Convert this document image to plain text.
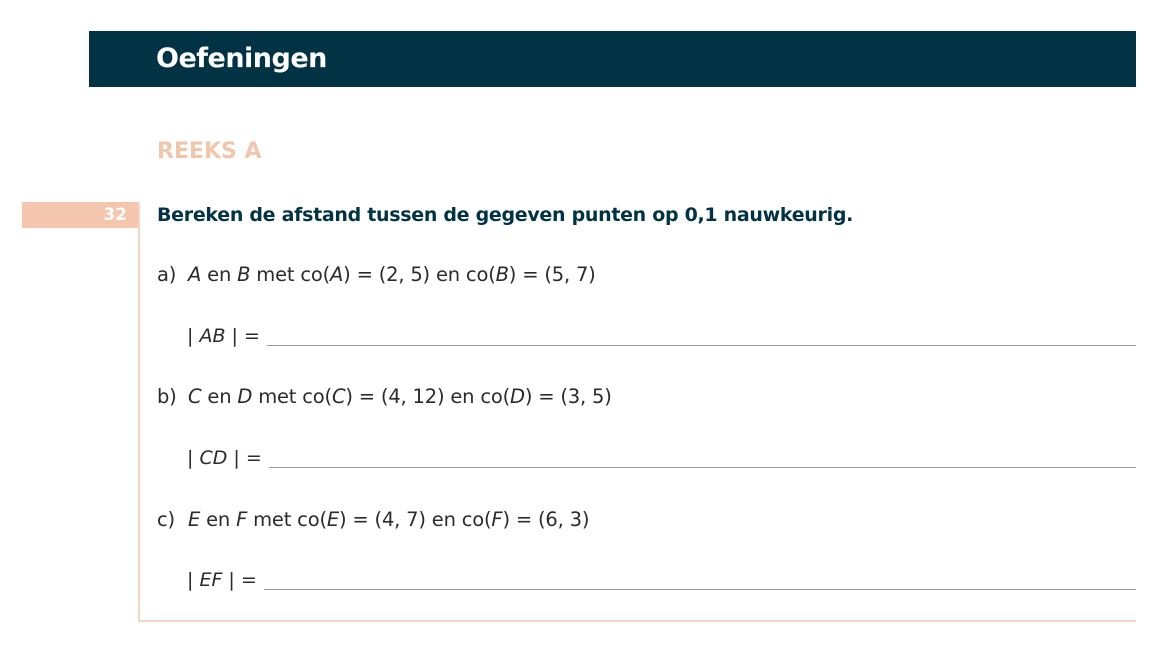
Oefeningen
REEKS A
32 Bereken de afstand tussen de gegeven punten op 0,1 nauwkeurig.
a) A en B met co(A) = (2, 5) en co(B) = (5, 7)
| AB | =
b) C en D met co(C) = (4, 12) en co(D) = (3, 5)
| CD | =
c) E en F met co(E) = (4, 7) en co(F) = (6, 3)
| EF | =
